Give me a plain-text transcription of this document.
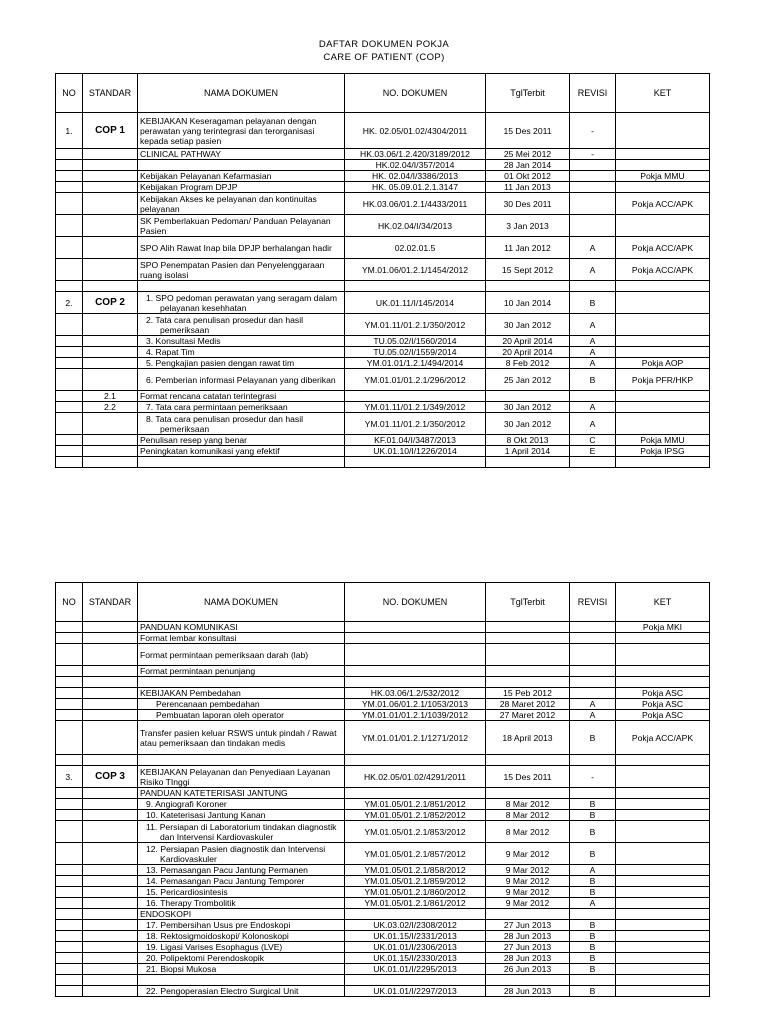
DAFTAR DOKUMEN POKJA
CARE OF PATIENT (COP)
NO	STANDAR	NAMA DOKUMEN	NO. DOKUMEN	TglTerbit	REVISI	KET
1.	COP 1	KEBIJAKAN Keseragaman pelayanan dengan perawatan yang terintegrasi dan terorganisasi kepada setiap pasien	HK. 02.05/01.02/4304/2011	15 Des 2011	-	
		CLINICAL PATHWAY	HK.03.06/1.2.420/3189/2012	25 Mei 2012	-	
			HK.02.04/I/357/2014	28 Jan 2014		
		Kebijakan Pelayanan Kefarmasian	HK. 02.04/I/3386/2013	01 Okt 2012		Pokja MMU
		Kebijakan Program DPJP	HK. 05.09.01.2.1.3147	11 Jan 2013		
		Kebijakan Akses ke pelayanan dan kontinuitas pelayanan	HK.03.06/01.2.1/4433/2011	30 Des 2011		Pokja ACC/APK
		SK Pemberlakuan Pedoman/ Panduan Pelayanan Pasien	HK.02.04/I/34/2013	3 Jan 2013		
		SPO Alih Rawat Inap bila DPJP berhalangan hadir	02.02.01.5	11 Jan 2012	A	Pokja ACC/APK
		SPO Penempatan Pasien dan Penyelenggaraan ruang isolasi	YM.01.06/01.2.1/1454/2012	15 Sept 2012	A	Pokja ACC/APK

2.	COP 2	1. SPO pedoman perawatan yang seragam dalam pelayanan kesehhatan	UK.01.11/I/145/2014	10 Jan 2014	B	
		2. Tata cara penulisan prosedur dan hasil pemeriksaan	YM.01.11/01.2.1/350/2012	30 Jan 2012	A	
		3. Konsultasi Medis	TU.05.02/I/1560/2014	20 April 2014	A	
		4. Rapat Tim	TU.05.02/I/1559/2014	20 April 2014	A	
		5. Pengkajian pasien dengan rawat tim	YM.01.01/1.2.1/494/2014	8 Feb 2012	A	Pokja AOP
		6. Pemberian informasi Pelayanan yang diberikan	YM.01.01/01.2.1/296/2012	25 Jan 2012	B	Pokja PFR/HKP
	2.1	Format rencana catatan terintegrasi				
	2.2	7. Tata cara permintaan pemeriksaan	YM.01.11/01.2.1/349/2012	30 Jan 2012	A	
		8. Tata cara penulisan prosedur dan hasil pemeriksaan	YM.01.11/01.2.1/350/2012	30 Jan 2012	A	
		Penulisan resep yang benar	KF.01.04/I/3487/2013	8 Okt 2013	C	Pokja MMU
		Peningkatan komunikasi yang efektif	UK.01.10/I/1226/2014	1 April 2014	E	Pokja IPSG

NO	STANDAR	NAMA DOKUMEN	NO. DOKUMEN	TglTerbit	REVISI	KET
		PANDUAN KOMUNIKASI				Pokja MKI
		Format lembar konsultasi				
		Format permintaan pemeriksaan darah (lab)				
		Format permintaan penunjang				

		KEBIJAKAN Pembedahan	HK.03.06/1.2/532/2012	15 Peb 2012		Pokja ASC
		Perencanaan pembedahan	YM.01.06/01.2.1/1053/2013	28 Maret 2012	A	Pokja ASC
		Pembuatan laporan oleh operator	YM.01.01/01.2.1/1039/2012	27 Maret 2012	A	Pokja ASC
		Transfer pasien keluar RSWS untuk pindah / Rawat atau pemeriksaan dan tindakan medis	YM.01.01/01.2.1/1271/2012	18 April 2013	B	Pokja ACC/APK

3.	COP 3	KEBIJAKAN Pelayanan dan Penyediaan Layanan Risiko TInggi	HK.02.05/01.02/4291/2011	15 Des 2011	-	
		PANDUAN KATETERISASI JANTUNG				
		9. Angiografi Koroner	YM.01.05/01.2.1/851/2012	8 Mar 2012	B	
		10. Kateterisasi Jantung Kanan	YM.01.05/01.2.1/852/2012	8 Mar 2012	B	
		11. Persiapan di Laboratorium tindakan diagnostik dan Intervensi Kardiovaskuler	YM.01.05/01.2.1/853/2012	8 Mar 2012	B	
		12. Persiapan Pasien diagnostik dan Intervensi Kardiovaskuler	YM.01.05/01.2.1/857/2012	9 Mar 2012	B	
		13. Pemasangan Pacu Jantung Permanen	YM.01.05/01.2.1/858/2012	9 Mar 2012	A	
		14. Pemasangan Pacu Jantung Temporer	YM.01.05/01.2.1/859/2012	9 Mar 2012	B	
		15. Pericardiosintesis	YM.01.05/01.2.1/860/2012	9 Mar 2012	B	
		16. Therapy Trombolitik	YM.01.05/01.2.1/861/2012	9 Mar 2012	A	
		ENDOSKOPI				
		17. Pembersihan Usus pre Endoskopi	UK.03.02/I/2308/2012	27 Jun 2013	B	
		18. Rektosigmoidoskopi/ Kolonoskopi	UK.01.15/I/2331/2013	28 Jun 2013	B	
		19. Ligasi Varises Esophagus (LVE)	UK.01.01/I/2306/2013	27 Jun 2013	B	
		20. Polipektomi Perendoskopik	UK.01.15/I/2330/2013	28 Jun 2013	B	
		21. Biopsi Mukosa	UK.01.01/I/2295/2013	26 Jun 2013	B	

		22. Pengoperasian Electro Surgical Unit	UK.01.01/I/2297/2013	28 Jun 2013	B	
